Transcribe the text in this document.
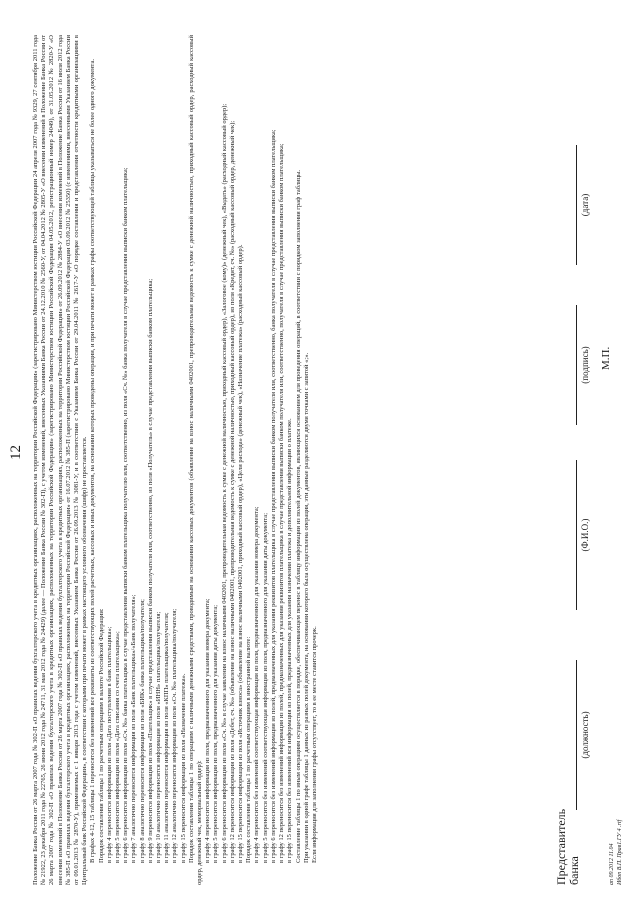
12 Положение Банка России от 26 марта 2007 года № 302-П «О правилах ведения бухгалтерского учета в кредитных организациях, расположенных на территории Российской Федерации» (зарегистрировано Министерством юстиции Российской Федерации 24 апреля 2007 года № 9329, 27 сентября 2011 года № 21922, 23 декабря 2011 года № 22765, 26 июня 2012 года № 24711, 31 мая 2012 года № 24429) (далее — Положение Банка России № 302-П), с учетом изменений, внесенных Указаниями Банка России от 24.12.2010 № 2560-У, от 04.04.2012 № 2805-У «О внесении изменений в Положение Банка России от 26 марта 2007 года № 302-П «О правилах ведения бухгалтерского учета в кредитных организациях, расположенных на территории Российской Федерации» (зарегистрировано Министерством юстиции Российской Федерации 04.05.2012, регистрационный номер 24049), от 31.05.2012 № 2820-У «О внесении изменений в Положение Банка России от 26 марта 2007 года № 302-П «О правилах ведения бухгалтерского учета в кредитных организациях, расположенных на территории Российской Федерации» от 26.09.2012 № 2884-У «О внесении изменений в Положение Банка России от 16 июля 2012 года № 385-П «О правилах ведения бухгалтерского учета в кредитных организациях, расположенных на территории Российской Федерации» от 16.07.2012 № 385-П (зарегистрировано Министерством юстиции Российской Федерации 03.09.2012 № 25350) (с изменениями, внесенными Указанием Банка России от 09.01.2013 № 2870-У), применяемых с 1 января 2013 года с учетом изменений, внесенных Указанием Банка России от 26.09.2013 № 3081-У, и в соответствии с Указанием Банка России от 29.04.2011 № 2617-У «О порядке составления и представления отчетности кредитными организациями в Центральный банк Российской Федерации», в соответствии с которыми при печати может в рамках настоящего условного обозначения (шифр) не проставляется. В графах 4-12, 15 таблицы 1 переносятся без изменений все реквизиты из соответствующих полей расчетных, кассовых и иных документов, на основании которых проведены операции, и при печати может в рамках графы соответствующей таблицы указываться не более одного документа. Порядок составления таблицы 1 по расчетным операциям в валюте Российской Федерации: в графу 4 переносится информация из поля «Дата поступления в банк плательщика»; в графу 5 переносится информация из поля «Дата списания со счета плательщика»; в графу 6 переносится информация из поля «Сч. №» банка плательщика в случае представления выписки банком плательщика получателю или, соответственно, из поля «Сч. №» банка получателя в случае представления выписки банком плательщика; в графу 7 аналогично переносится информация из поля «Банк плательщика»/«Банк получателя»; в графу 8 аналогично переносится информация из поля «БИК» банка плательщика/получателя; в графу 9 переносится информация из поля «Плательщик» в случае представления выписки банком получателя или, соответственно, из поля «Получатель» в случае представления выписки банком плательщика; в графу 10 аналогично переносится информация из поля «ИНН» плательщика/получателя; в графу 11 аналогично переносится информация из поля «КПП» плательщика/получателя; в графу 12 аналогично переносится информация из поля «Сч. №» плательщика/получателя; в графу 15 переносится информация из поля «Назначение платежа». Порядок составления таблицы 1 по операциям с наличными денежными средствами, проводимым на основании кассовых документов (объявление на взнос наличными 0402001, препроводительная ведомость к сумке с денежной наличностью, приходный кассовый ордер, расходный кассовый ордер, денежный чек, мемориальный ордер): в графу 4 переносится информация из поля, предназначенного для указания номера документа; в графу 5 переносится информация из поля, предназначенного для указания даты документа; в графу 6 переносится информация из поля «Сч. №» в случае заявления на взнос наличными 0402001, препроводительная ведомость к сумке с денежной наличностью, приходный кассовый ордер), «Залоговое (кому)» (денежный чек), «Выдать» (расходный кассовый ордер); в графу 12 переносится информация из поля «Дебет, сч. №» (объявление на взнос наличными 0402001, препроводительная ведомость к сумке с денежной наличностью, приходный кассовый ордер), из поля «Кредит, сч. №» (расходный кассовый ордер, денежный чек); в графу 15 переносится информация из поля «Источник взноса» (объявление на взнос наличными 0402001, приходный кассовый ордер), «Цели расхода» (денежный чек), «Назначение платежа» (расходный кассовый ордер). Порядок составления таблицы 1 по расчетным операциям в иностранной валюте: в графу 4 переносится без изменений соответствующая информация из поля, предназначенного для указания номера документа; в графу 5 переносится без изменений соответствующая информация из поля, предназначенного для указания даты документа; в графу 6 переносится без изменений информация из полей, предназначенных для указания реквизитов плательщика в случае представления выписки банком получателя или, соответственно, банка получателя в случае представления выписки банком плательщика; в графу 12 переносится без изменений информация из полей, предназначенных для указания реквизитов плательщика в случае представления выписки банком получателя или, соответственно, получателя в случае представления выписки банком плательщика; в графу 15 переносится без изменений вся информация из полей, предназначенных для указания назначения платежа и дополнительной информации о платеже. Составление таблицы 1 по иным операциям осуществляется в порядке, обеспечивающем перенос в таблицу информации из полей документов, являющихся основанием для проведения операций, в соответствии с порядком заполнения граф таблицы. При указании в одной графе таблицы 1 данных из разных полей документа, на основании которого была осуществлена операция, эти данные разделяются двумя точками с запятой «;». Если информация для заполнения графы отсутствует, то в ее месте ставится прочерк.	Представитель банка
(должность)
(Ф.И.О.)
(подпись)
(дата)
М.П.
ап 09.2012 11.04 Ибоп В.П. Прав1.ГУ 4 .rtf
